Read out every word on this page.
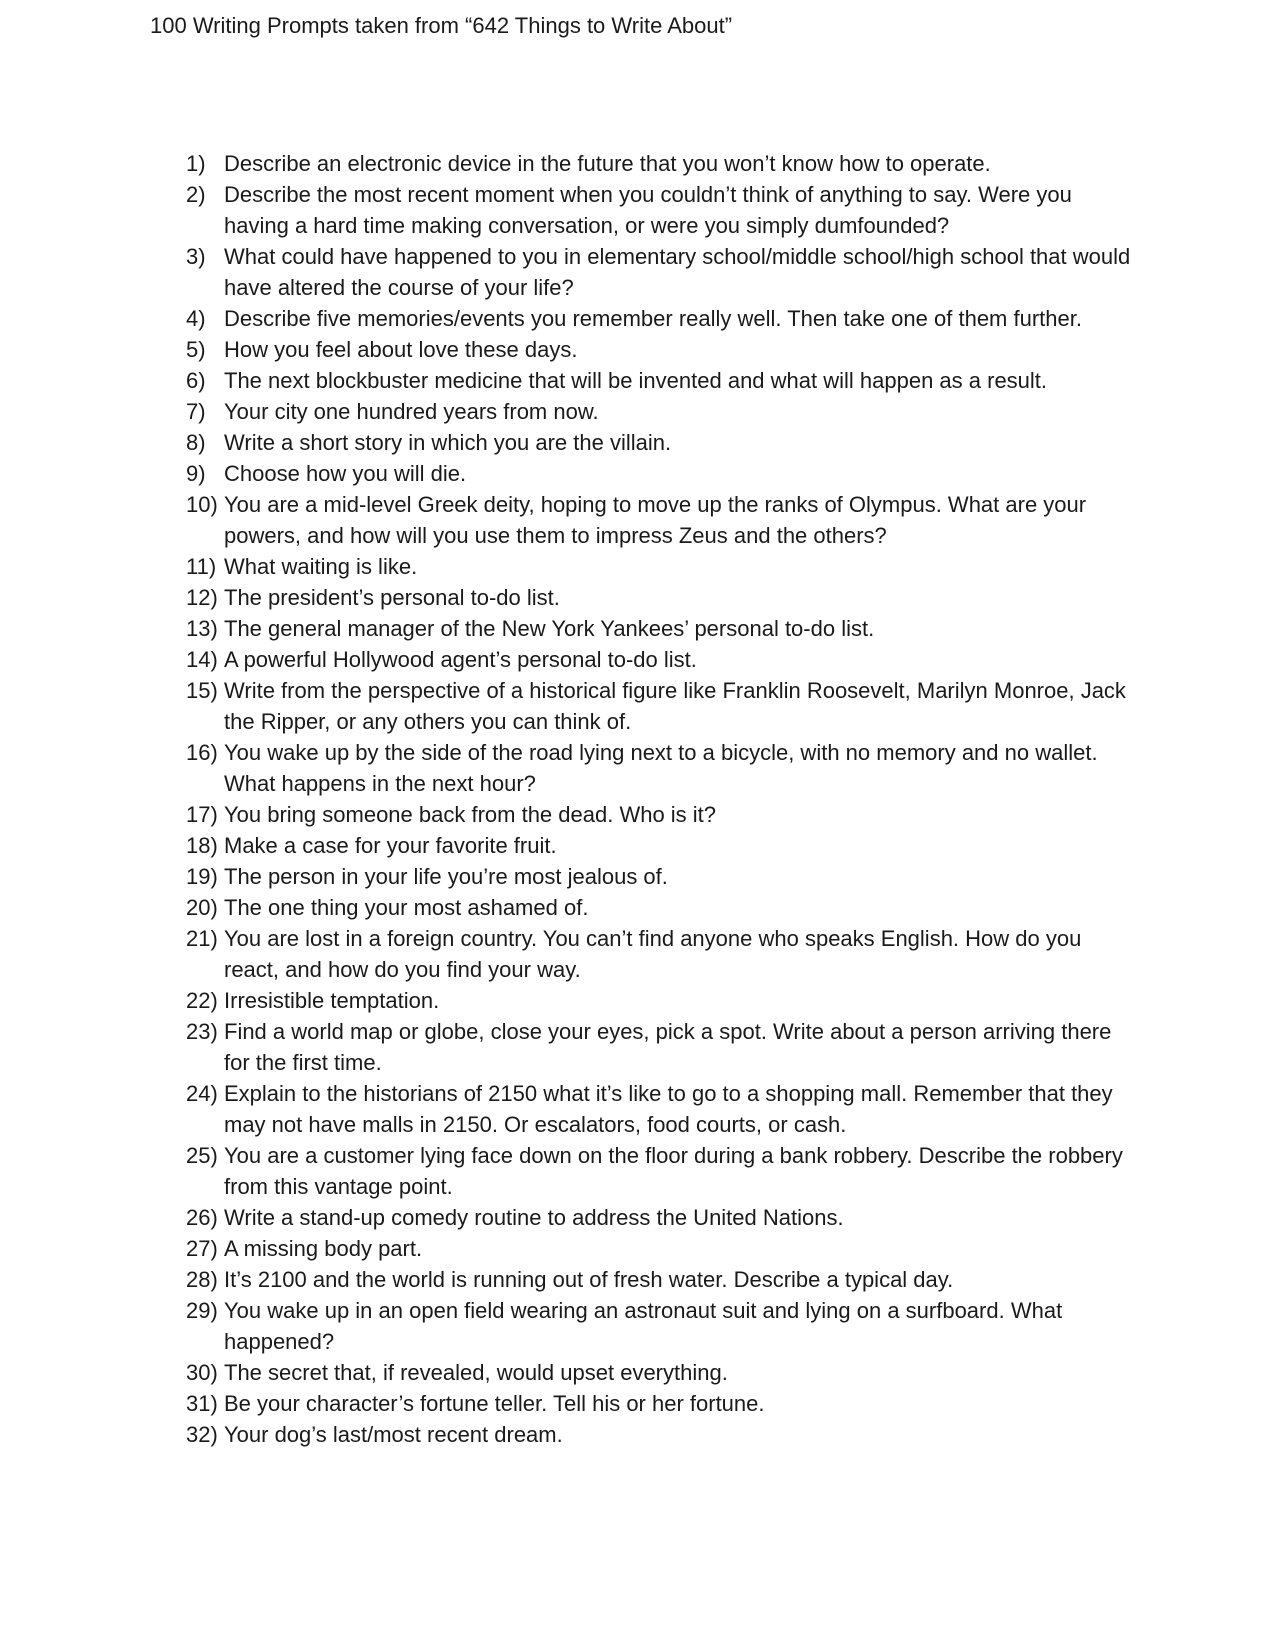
100 Writing Prompts taken from “642 Things to Write About”
1) Describe an electronic device in the future that you won’t know how to operate.
2) Describe the most recent moment when you couldn’t think of anything to say. Were you having a hard time making conversation, or were you simply dumfounded?
3) What could have happened to you in elementary school/middle school/high school that would have altered the course of your life?
4) Describe five memories/events you remember really well. Then take one of them further.
5) How you feel about love these days.
6) The next blockbuster medicine that will be invented and what will happen as a result.
7) Your city one hundred years from now.
8) Write a short story in which you are the villain.
9) Choose how you will die.
10) You are a mid-level Greek deity, hoping to move up the ranks of Olympus. What are your powers, and how will you use them to impress Zeus and the others?
11) What waiting is like.
12) The president’s personal to-do list.
13) The general manager of the New York Yankees’ personal to-do list.
14) A powerful Hollywood agent’s personal to-do list.
15) Write from the perspective of a historical figure like Franklin Roosevelt, Marilyn Monroe, Jack the Ripper, or any others you can think of.
16) You wake up by the side of the road lying next to a bicycle, with no memory and no wallet. What happens in the next hour?
17) You bring someone back from the dead. Who is it?
18) Make a case for your favorite fruit.
19) The person in your life you’re most jealous of.
20) The one thing your most ashamed of.
21) You are lost in a foreign country. You can’t find anyone who speaks English. How do you react, and how do you find your way.
22) Irresistible temptation.
23) Find a world map or globe, close your eyes, pick a spot. Write about a person arriving there for the first time.
24) Explain to the historians of 2150 what it’s like to go to a shopping mall. Remember that they may not have malls in 2150. Or escalators, food courts, or cash.
25) You are a customer lying face down on the floor during a bank robbery. Describe the robbery from this vantage point.
26) Write a stand-up comedy routine to address the United Nations.
27) A missing body part.
28) It’s 2100 and the world is running out of fresh water. Describe a typical day.
29) You wake up in an open field wearing an astronaut suit and lying on a surfboard. What happened?
30) The secret that, if revealed, would upset everything.
31) Be your character’s fortune teller. Tell his or her fortune.
32) Your dog’s last/most recent dream.
